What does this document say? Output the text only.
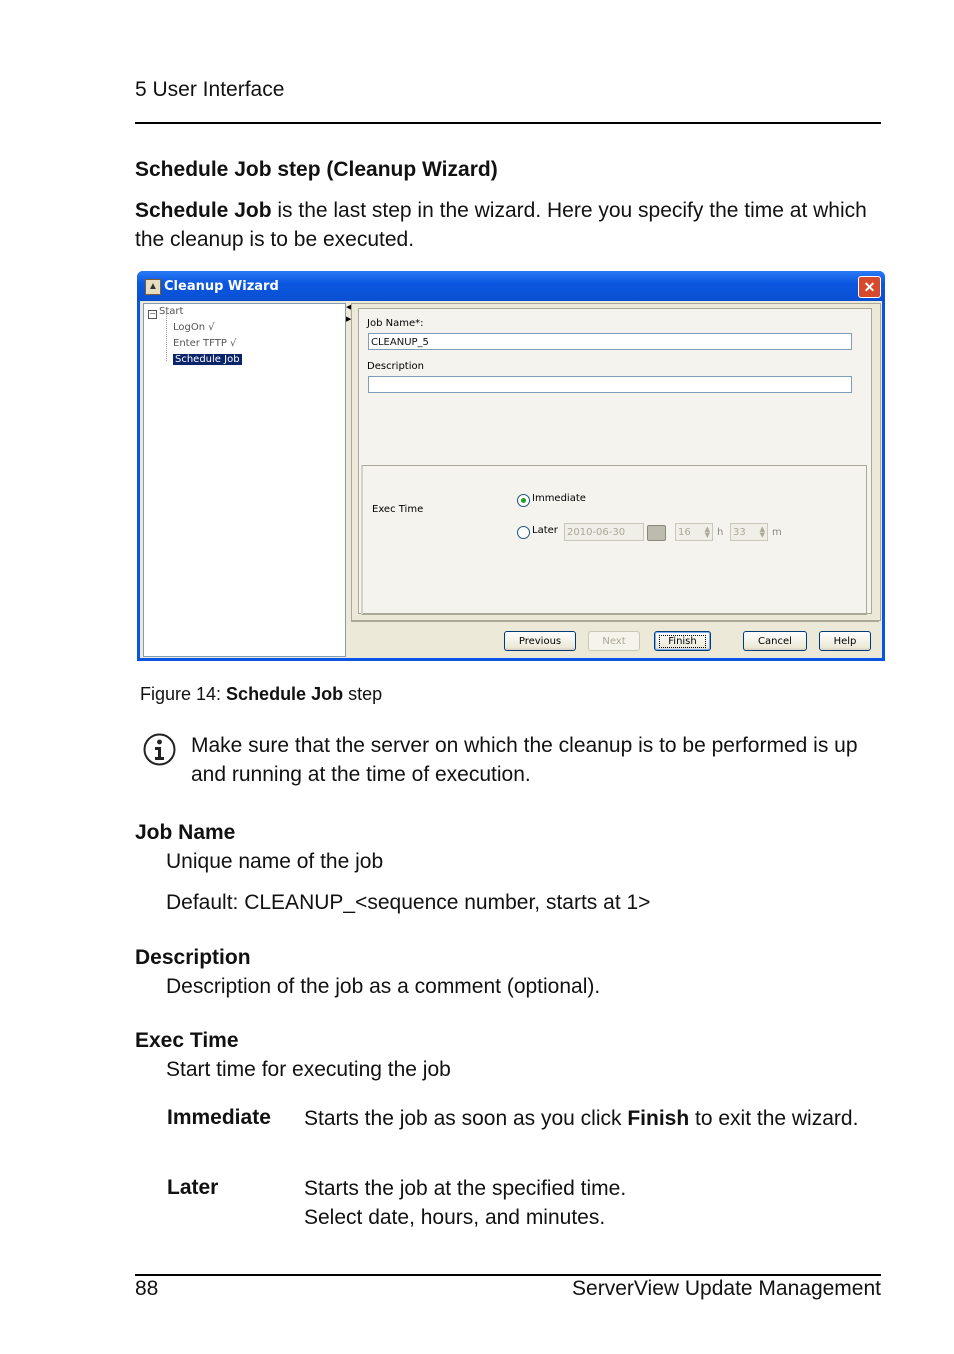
5 User Interface
Schedule Job step (Cleanup Wizard)
Schedule Job is the last step in the wizard. Here you specify the time at which the cleanup is to be executed.
▲ Cleanup Wizard	✕
− Start
LogOn √
Enter TFTP √
Schedule Job
◀
▶ Job Name*:
CLEANUP_5
Description
Exec Time
Immediate
Later 2010-06-30	16 ▲
▼ h 33 ▲
▼ m
Previous	Next	Finish	Cancel	Help
Figure 14: Schedule Job step
Make sure that the server on which the cleanup is to be performed is up and running at the time of execution.
Job Name
Unique name of the job
Default: CLEANUP_<sequence number, starts at 1>
Description
Description of the job as a comment (optional).
Exec Time
Start time for executing the job
Immediate Starts the job as soon as you click Finish to exit the wizard.
Later	Starts the job at the specified time.
Select date, hours, and minutes.
88	ServerView Update Management
